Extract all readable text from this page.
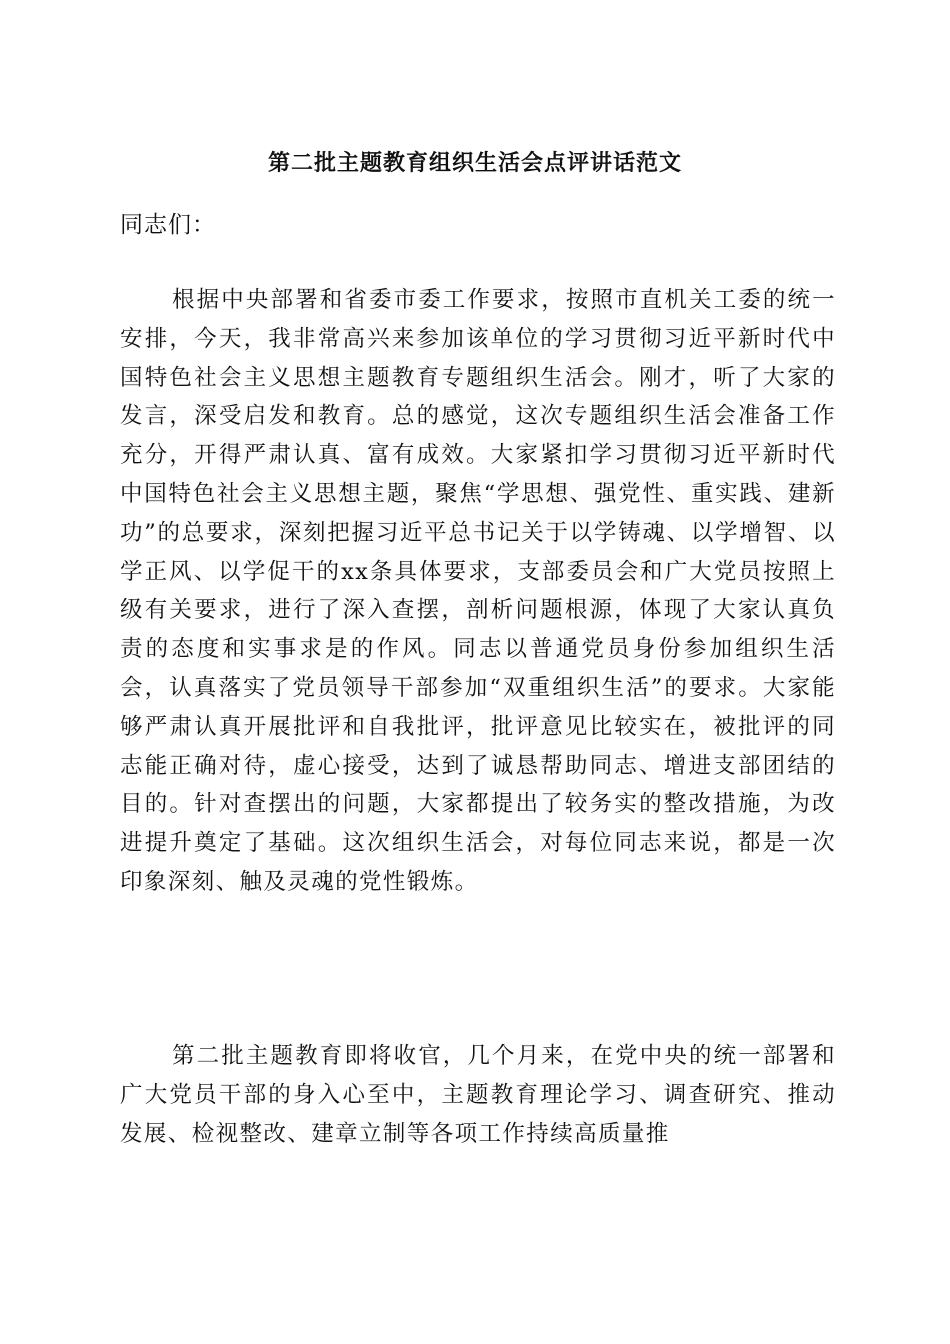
第二批主题教育组织生活会点评讲话范文

同志们：

根据中央部署和省委市委工作要求，按照市直机关工委的统一安排，今天，我非常高兴来参加该单位的学习贯彻习近平新时代中国特色社会主义思想主题教育专题组织生活会。刚才，听了大家的发言，深受启发和教育。总的感觉，这次专题组织生活会准备工作充分，开得严肃认真、富有成效。大家紧扣学习贯彻习近平新时代中国特色社会主义思想主题，聚焦“学思想、强党性、重实践、建新功”的总要求，深刻把握习近平总书记关于以学铸魂、以学增智、以学正风、以学促干的xx条具体要求，支部委员会和广大党员按照上级有关要求，进行了深入查摆，剖析问题根源，体现了大家认真负责的态度和实事求是的作风。同志以普通党员身份参加组织生活会，认真落实了党员领导干部参加“双重组织生活”的要求。大家能够严肃认真开展批评和自我批评，批评意见比较实在，被批评的同志能正确对待，虚心接受，达到了诚恳帮助同志、增进支部团结的目的。针对查摆出的问题，大家都提出了较务实的整改措施，为改进提升奠定了基础。这次组织生活会，对每位同志来说，都是一次印象深刻、触及灵魂的党性锻炼。

第二批主题教育即将收官，几个月来，在党中央的统一部署和广大党员干部的身入心至中，主题教育理论学习、调查研究、推动发展、检视整改、建章立制等各项工作持续高质量推
